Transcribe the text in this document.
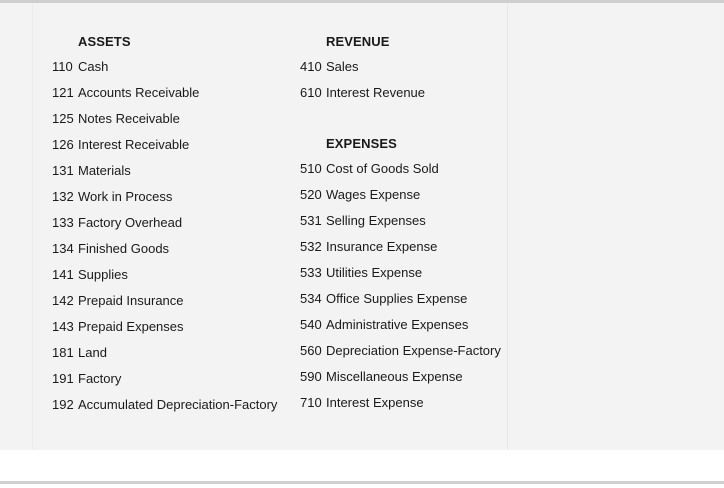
ASSETS
110 Cash
121 Accounts Receivable
125 Notes Receivable
126 Interest Receivable
131 Materials
132 Work in Process
133 Factory Overhead
134 Finished Goods
141 Supplies
142 Prepaid Insurance
143 Prepaid Expenses
181 Land
191 Factory
192 Accumulated Depreciation-Factory
REVENUE
410 Sales
610 Interest Revenue
EXPENSES
510 Cost of Goods Sold
520 Wages Expense
531 Selling Expenses
532 Insurance Expense
533 Utilities Expense
534 Office Supplies Expense
540 Administrative Expenses
560 Depreciation Expense-Factory
590 Miscellaneous Expense
710 Interest Expense
